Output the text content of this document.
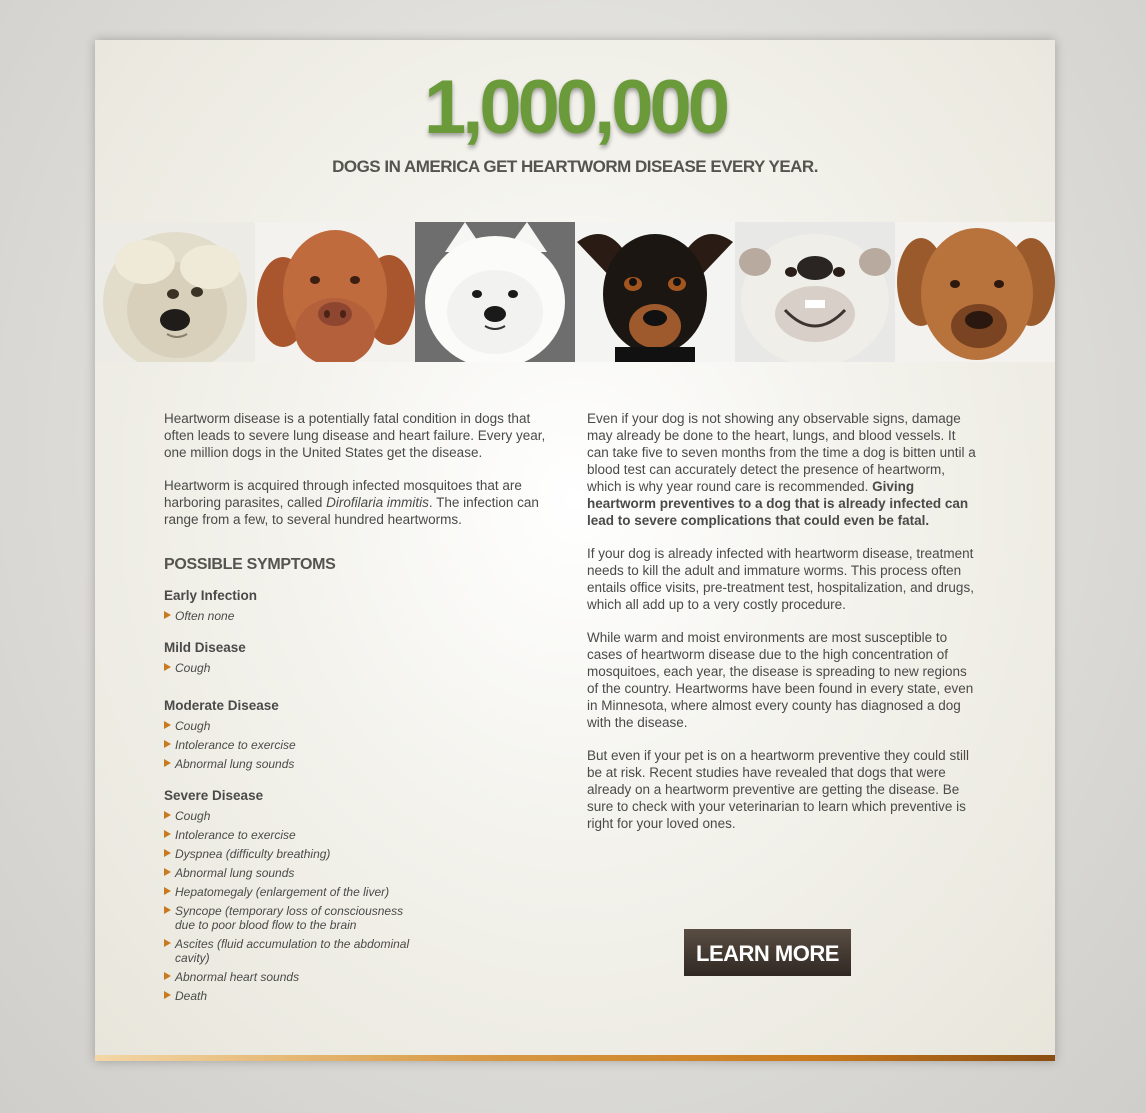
1,000,000
DOGS IN AMERICA GET HEARTWORM DISEASE EVERY YEAR.

Heartworm disease is a potentially fatal condition in dogs that often leads to severe lung disease and heart failure. Every year, one million dogs in the United States get the disease.

Heartworm is acquired through infected mosquitoes that are harboring parasites, called Dirofilaria immitis. The infection can range from a few, to several hundred heartworms.

POSSIBLE SYMPTOMS
Early Infection
Often none
Mild Disease
Cough
Moderate Disease
Cough
Intolerance to exercise
Abnormal lung sounds
Severe Disease
Cough
Intolerance to exercise
Dyspnea (difficulty breathing)
Abnormal lung sounds
Hepatomegaly (enlargement of the liver)
Syncope (temporary loss of consciousness due to poor blood flow to the brain
Ascites (fluid accumulation to the abdominal cavity)
Abnormal heart sounds
Death

Even if your dog is not showing any observable signs, damage may already be done to the heart, lungs, and blood vessels. It can take five to seven months from the time a dog is bitten until a blood test can accurately detect the presence of heartworm, which is why year round care is recommended. Giving heartworm preventives to a dog that is already infected can lead to severe complications that could even be fatal.

If your dog is already infected with heartworm disease, treatment needs to kill the adult and immature worms. This process often entails office visits, pre-treatment test, hospitalization, and drugs, which all add up to a very costly procedure.

While warm and moist environments are most susceptible to cases of heartworm disease due to the high concentration of mosquitoes, each year, the disease is spreading to new regions of the country. Heartworms have been found in every state, even in Minnesota, where almost every county has diagnosed a dog with the disease.

But even if your pet is on a heartworm preventive they could still be at risk. Recent studies have revealed that dogs that were already on a heartworm preventive are getting the disease. Be sure to check with your veterinarian to learn which preventive is right for your loved ones.

LEARN MORE
